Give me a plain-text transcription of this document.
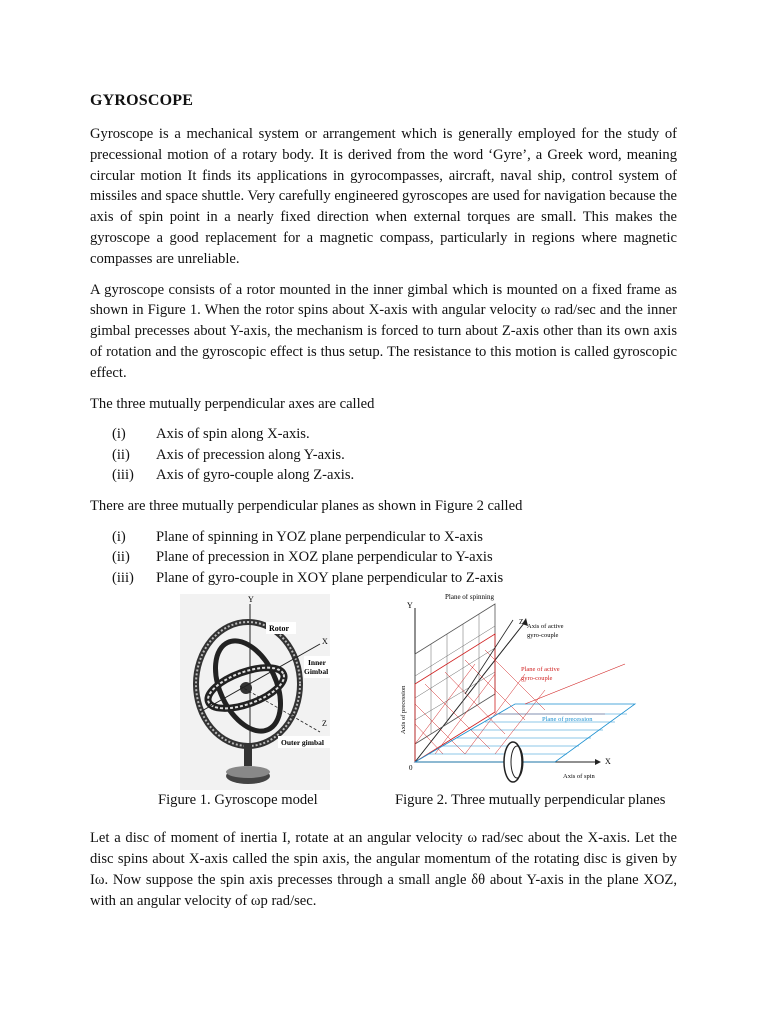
GYROSCOPE

Gyroscope is a mechanical system or arrangement which is generally employed for the study of precessional motion of a rotary body. It is derived from the word ‘Gyre’, a Greek word, meaning circular motion It finds its applications in gyrocompasses, aircraft, naval ship, control system of missiles and space shuttle. Very carefully engineered gyroscopes are used for navigation because the axis of spin point in a nearly fixed direction when external torques are small. This makes the gyroscope a good replacement for a magnetic compass, particularly in regions where magnetic compasses are unreliable.

A gyroscope consists of a rotor mounted in the inner gimbal which is mounted on a fixed frame as shown in Figure 1. When the rotor spins about X-axis with angular velocity ω rad/sec and the inner gimbal precesses about Y-axis, the mechanism is forced to turn about Z-axis other than its own axis of rotation and the gyroscopic effect is thus setup. The resistance to this motion is called gyroscopic effect.

The three mutually perpendicular axes are called

(i)	Axis of spin along X-axis.
(ii)	Axis of precession along Y-axis.
(iii)	Axis of gyro-couple along Z-axis.

There are three mutually perpendicular planes as shown in Figure 2 called

(i)	Plane of spinning in YOZ plane perpendicular to X-axis
(ii)	Plane of precession in XOZ plane perpendicular to Y-axis
(iii)	Plane of gyro-couple in XOY plane perpendicular to Z-axis
Y
Rotor
X
Inner
Gimbal
Z
Outer gimbal
Plane of spinning
Y
Z
Axis of active
gyro-couple
Plane of active
gyro-couple
Axis of precession	Plane of precession
0
X
Axis of spin
Figure 1. Gyroscope model	Figure 2. Three mutually perpendicular planes

Let a disc of moment of inertia I, rotate at an angular velocity ω rad/sec about the X-axis. Let the disc spins about X-axis called the spin axis, the angular momentum of the rotating disc is given by Iω. Now suppose the spin axis precesses through a small angle δθ about Y-axis in the plane XOZ, with an angular velocity of ωp rad/sec.
